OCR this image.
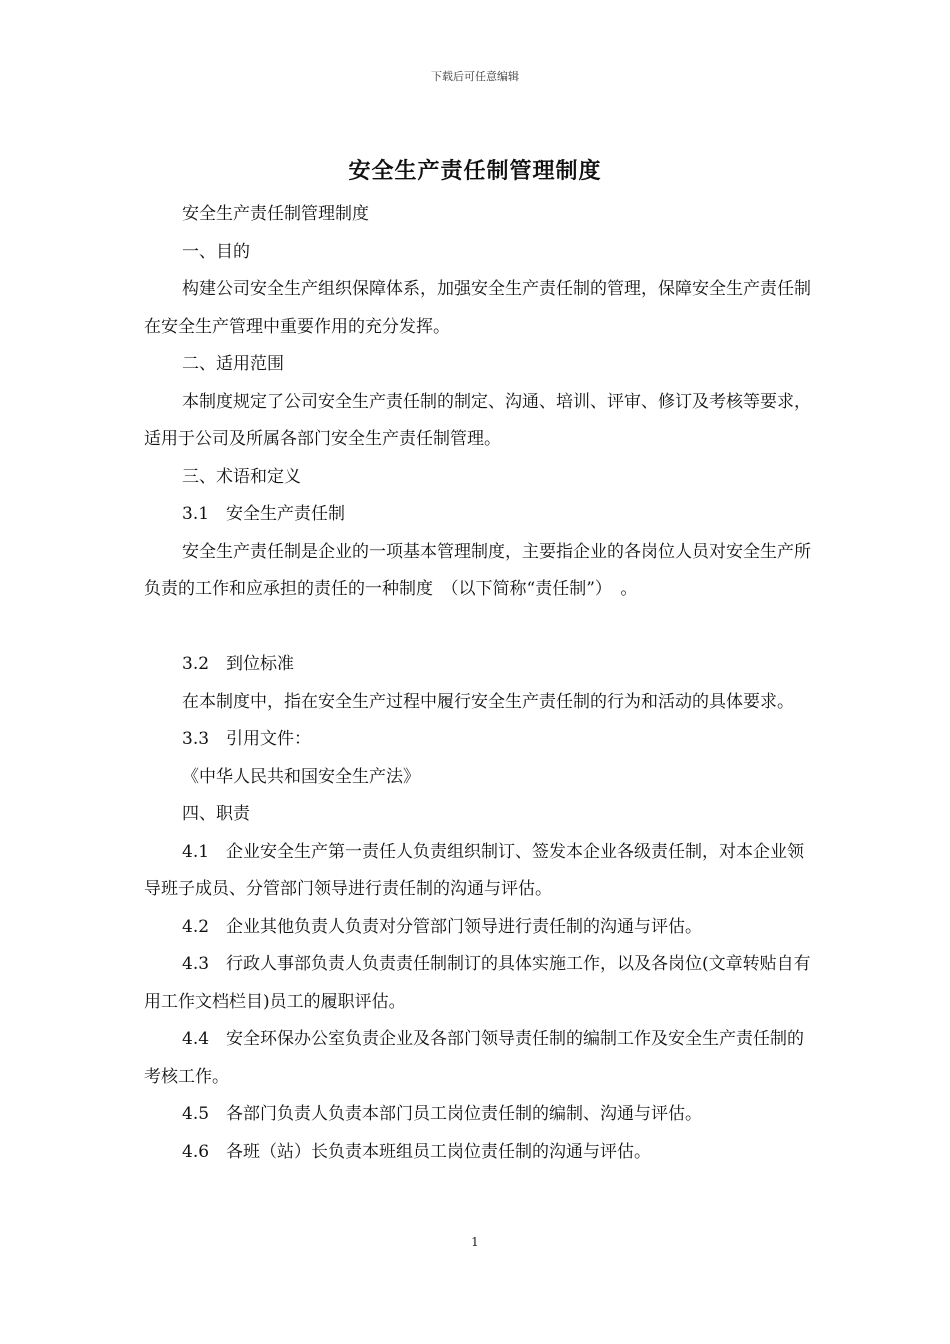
下载后可任意编辑
安全生产责任制管理制度

安全生产责任制管理制度

一、目的

构建公司安全生产组织保障体系，加强安全生产责任制的管理，保障安全生产责任制在安全生产管理中重要作用的充分发挥。

二、适用范围

本制度规定了公司安全生产责任制的制定、沟通、培训、评审、修订及考核等要求，适用于公司及所属各部门安全生产责任制管理。

三、术语和定义

3.1　安全生产责任制

安全生产责任制是企业的一项基本管理制度，主要指企业的各岗位人员对安全生产所负责的工作和应承担的责任的一种制度　（以下简称“责任制”）　。

3.2　到位标准

在本制度中，指在安全生产过程中履行安全生产责任制的行为和活动的具体要求。

3.3　引用文件：

《中华人民共和国安全生产法》

四、职责

4.1　企业安全生产第一责任人负责组织制订、签发本企业各级责任制，对本企业领导班子成员、分管部门领导进行责任制的沟通与评估。

4.2　企业其他负责人负责对分管部门领导进行责任制的沟通与评估。

4.3　行政人事部负责人负责责任制制订的具体实施工作，以及各岗位(文章转贴自有用工作文档栏目)员工的履职评估。

4.4　安全环保办公室负责企业及各部门领导责任制的编制工作及安全生产责任制的考核工作。

4.5　各部门负责人负责本部门员工岗位责任制的编制、沟通与评估。

4.6　各班（站）长负责本班组员工岗位责任制的沟通与评估。

1
